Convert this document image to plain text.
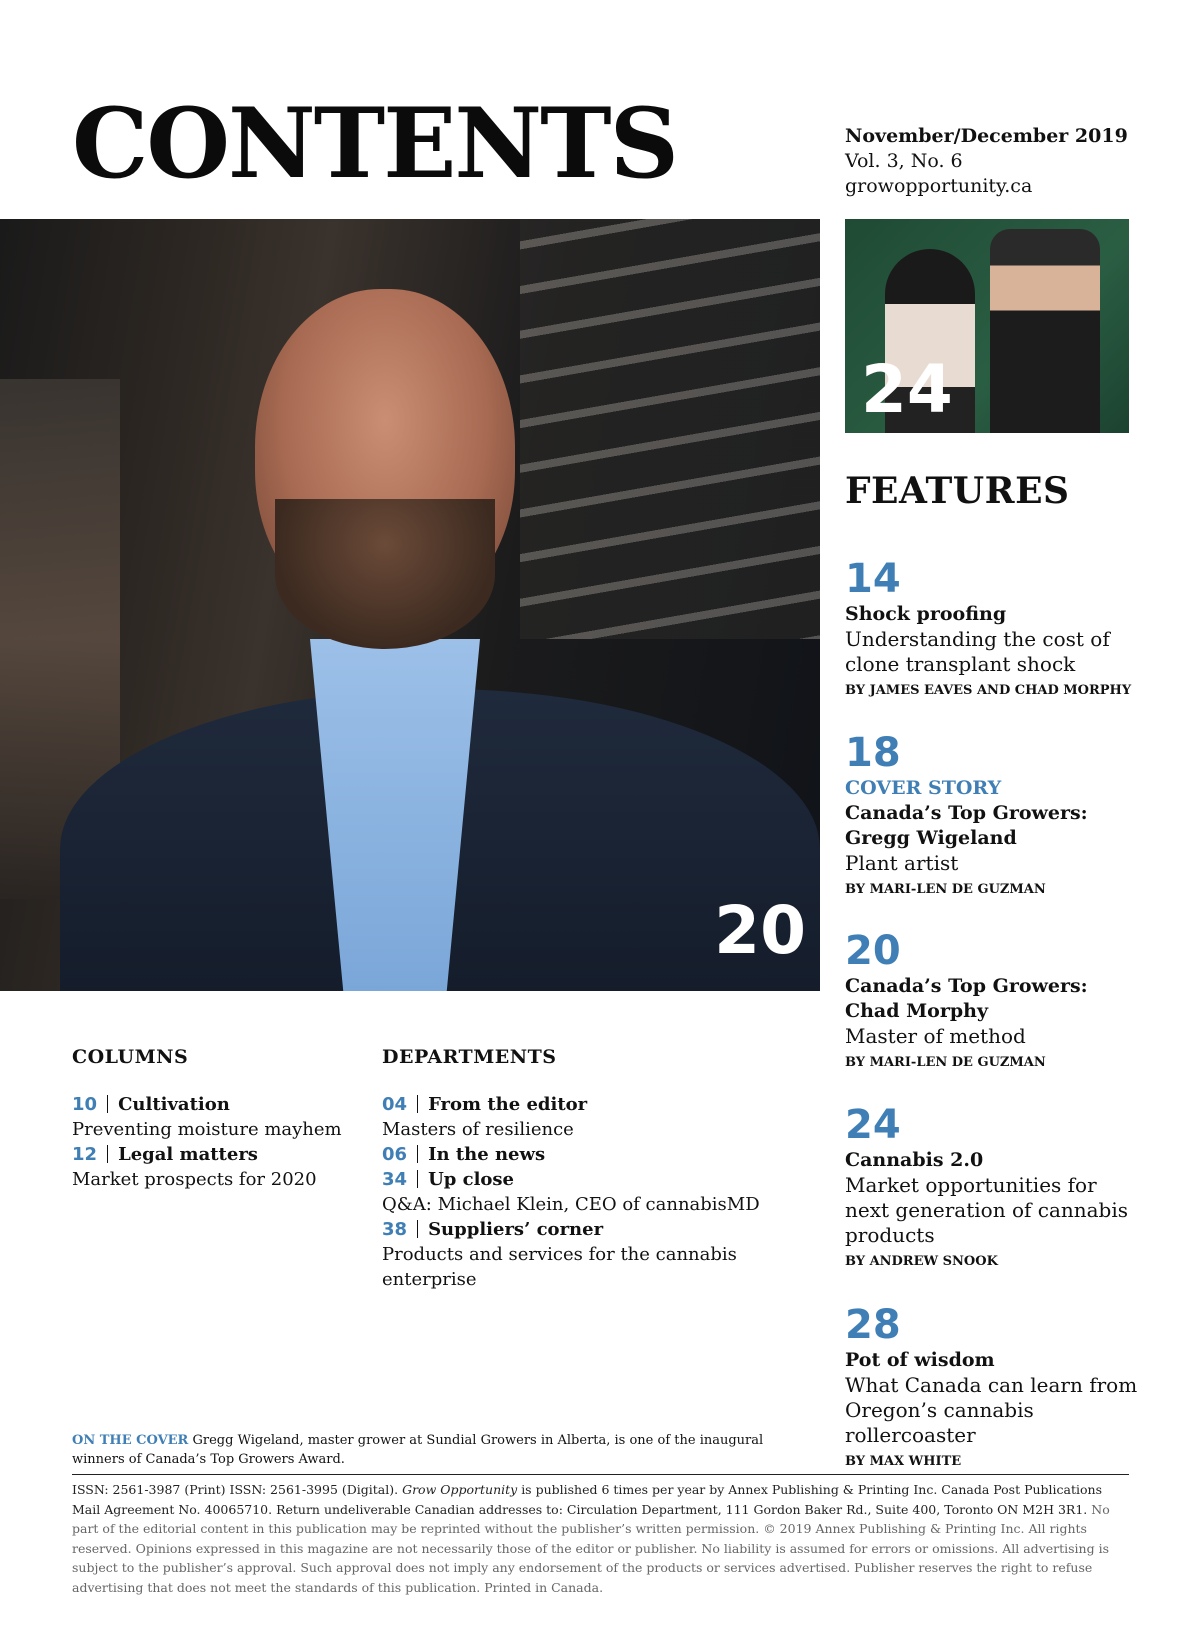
CONTENTS	November/December 2019
Vol. 3, No. 6
growopportunity.ca
20
24
FEATURES
14
Shock proofing
Understanding the cost of clone transplant shock
BY JAMES EAVES AND CHAD MORPHY
18
COVER STORY
Canada’s Top Growers: Gregg Wigeland
Plant artist
BY MARI-LEN DE GUZMAN
20
Canada’s Top Growers: Chad Morphy
Master of method
BY MARI-LEN DE GUZMAN
24
Cannabis 2.0
Market opportunities for next generation of cannabis products
BY ANDREW SNOOK
28
Pot of wisdom
What Canada can learn from Oregon’s cannabis rollercoaster
BY MAX WHITE
COLUMNS
10 Cultivation
Preventing moisture mayhem
12 Legal matters
Market prospects for 2020
DEPARTMENTS
04 From the editor
Masters of resilience
06 In the news
34 Up close
Q&A: Michael Klein, CEO of cannabisMD
38 Suppliers’ corner
Products and services for the cannabis enterprise
ON THE COVER Gregg Wigeland, master grower at Sundial Growers in Alberta, is one of the inaugural winners of Canada’s Top Growers Award.
ISSN: 2561-3987 (Print) ISSN: 2561-3995 (Digital). Grow Opportunity is published 6 times per year by Annex Publishing & Printing Inc. Canada Post Publications Mail Agreement No. 40065710. Return undeliverable Canadian addresses to: Circulation Department, 111 Gordon Baker Rd., Suite 400, Toronto ON M2H 3R1. No part of the editorial content in this publication may be reprinted without the publisher’s written permission. © 2019 Annex Publishing & Printing Inc. All rights reserved. Opinions expressed in this magazine are not necessarily those of the editor or publisher. No liability is assumed for errors or omissions. All advertising is subject to the publisher’s approval. Such approval does not imply any endorsement of the products or services advertised. Publisher reserves the right to refuse advertising that does not meet the standards of this publication. Printed in Canada.
